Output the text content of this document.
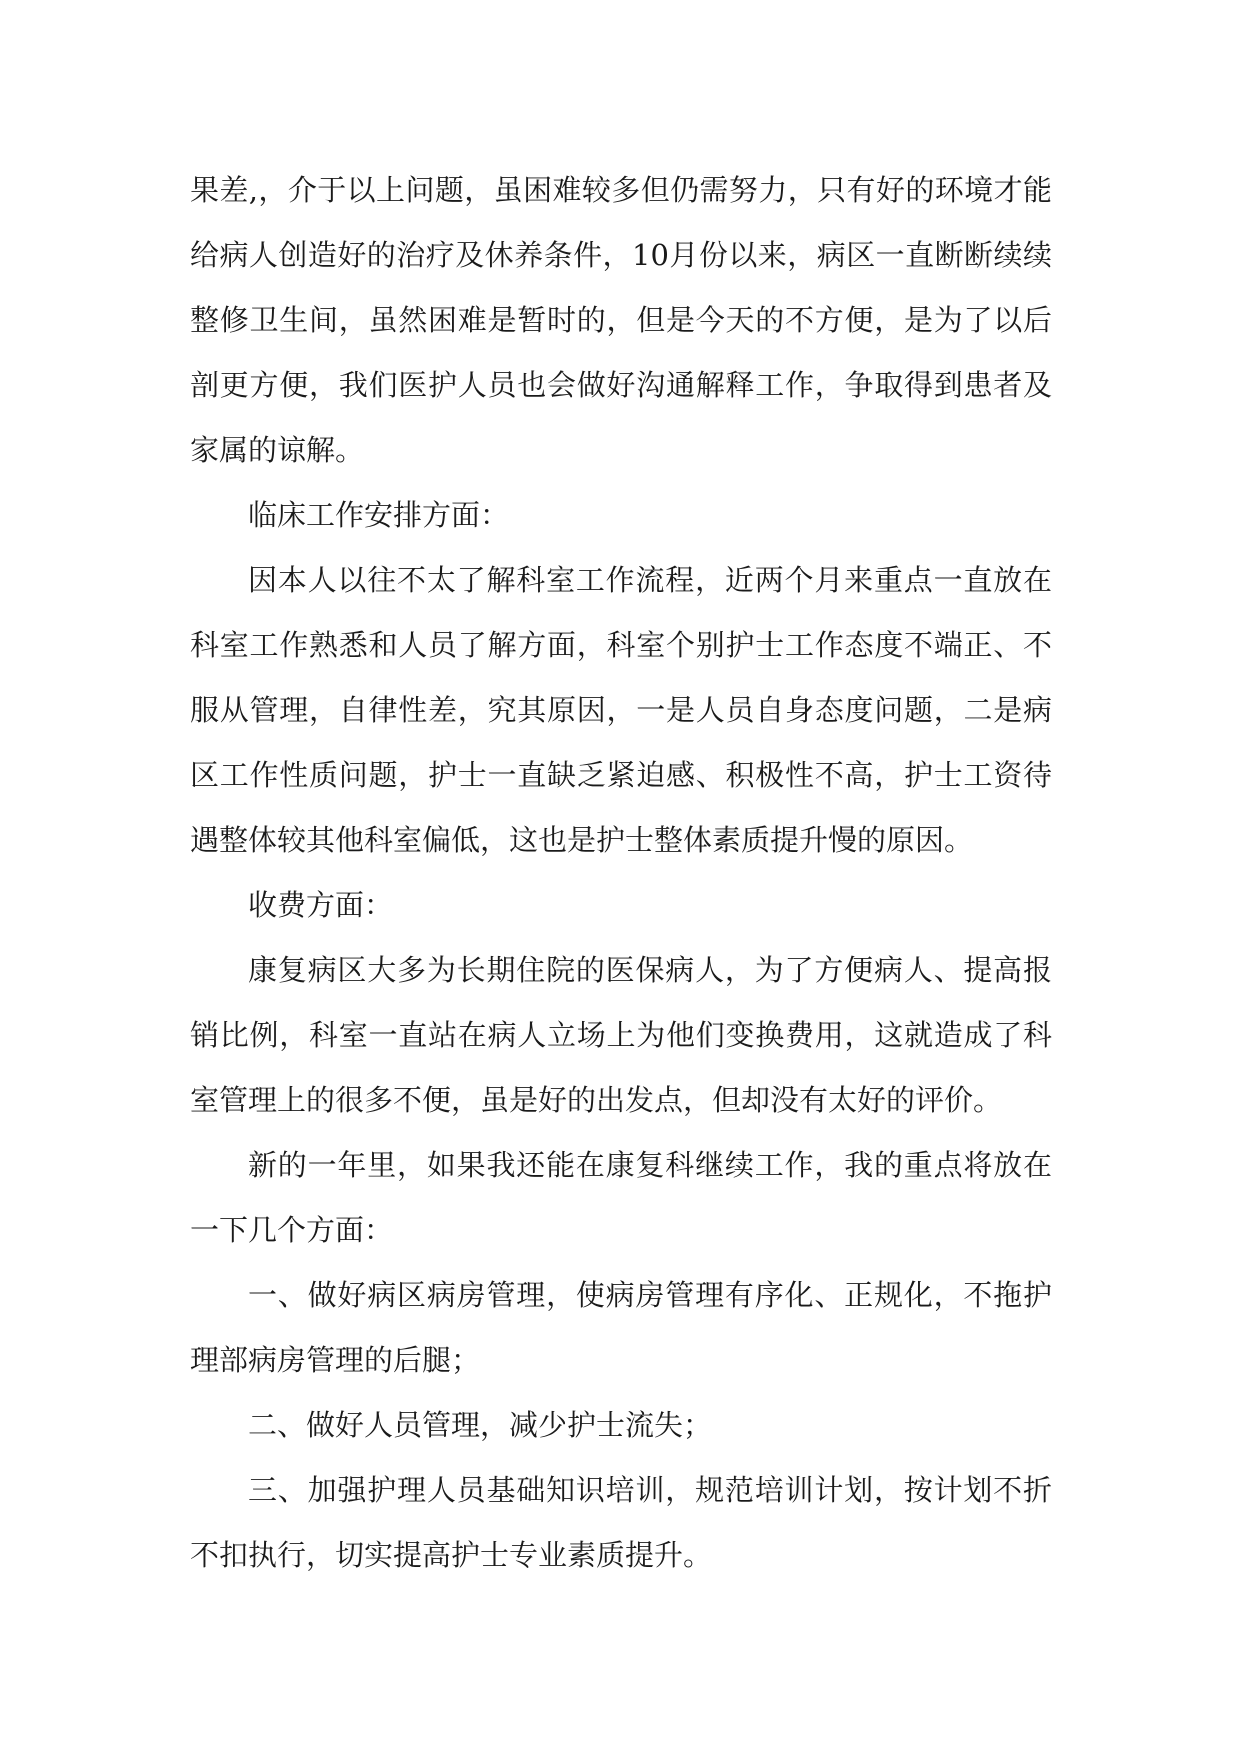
果差,，介于以上问题，虽困难较多但仍需努力，只有好的环境才能给病人创造好的治疗及休养条件，10月份以来，病区一直断断续续整修卫生间，虽然困难是暂时的，但是今天的不方便，是为了以后剖更方便，我们医护人员也会做好沟通解释工作，争取得到患者及家属的谅解。

临床工作安排方面：

因本人以往不太了解科室工作流程，近两个月来重点一直放在科室工作熟悉和人员了解方面，科室个别护士工作态度不端正、不服从管理，自律性差，究其原因，一是人员自身态度问题，二是病区工作性质问题，护士一直缺乏紧迫感、积极性不高，护士工资待遇整体较其他科室偏低，这也是护士整体素质提升慢的原因。

收费方面：

康复病区大多为长期住院的医保病人，为了方便病人、提高报销比例，科室一直站在病人立场上为他们变换费用，这就造成了科室管理上的很多不便，虽是好的出发点，但却没有太好的评价。

新的一年里，如果我还能在康复科继续工作，我的重点将放在一下几个方面：

一、做好病区病房管理，使病房管理有序化、正规化，不拖护理部病房管理的后腿；

二、做好人员管理，减少护士流失；

三、加强护理人员基础知识培训，规范培训计划，按计划不折不扣执行，切实提高护士专业素质提升。
